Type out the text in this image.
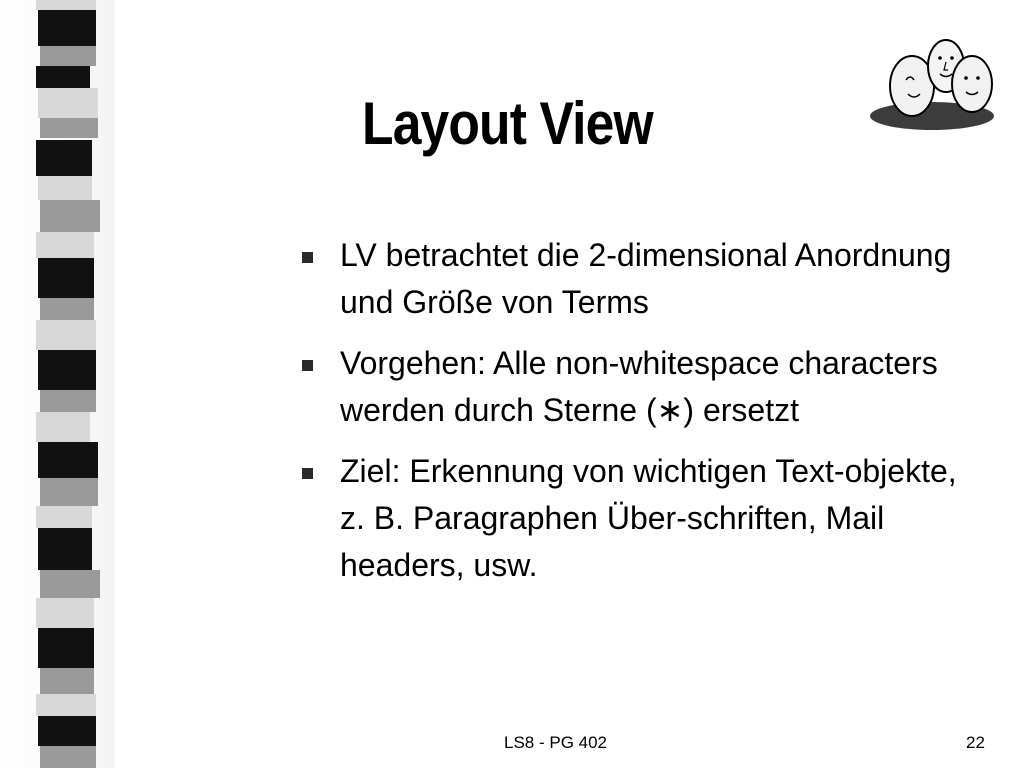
Layout View
LV betrachtet die 2-dimensional Anordnung und Größe von Terms
Vorgehen: Alle non-whitespace characters werden durch Sterne (∗) ersetzt
Ziel: Erkennung von wichtigen Text-objekte, z. B. Paragraphen Über-schriften, Mail headers, usw.
LS8 - PG 402	22
